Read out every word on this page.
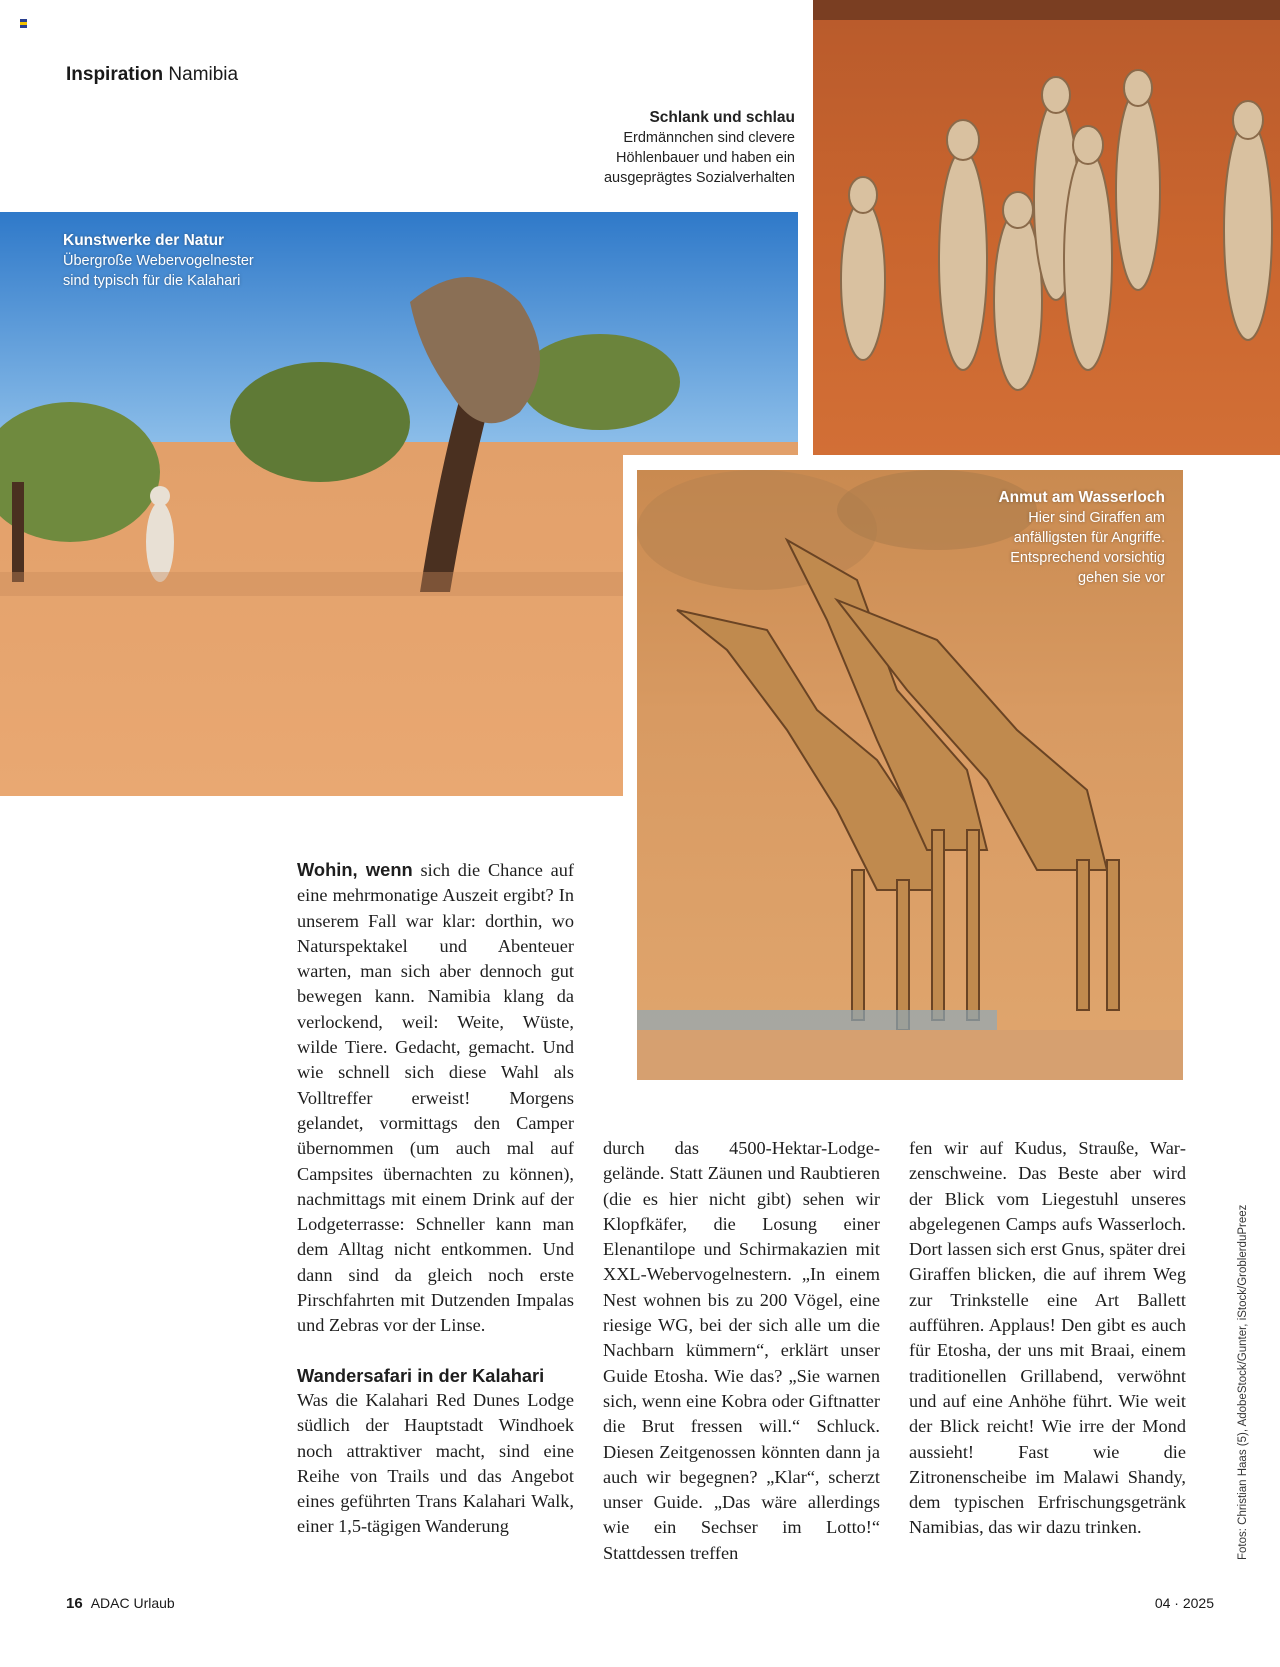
Inspiration Namibia
Schlank und schlau
Erdmännchen sind clevere
Höhlenbauer und haben ein
ausgeprägtes Sozialverhalten
Kunstwerke der Natur
Übergroße Webervogelnester
sind typisch für die Kalahari
Anmut am Wasserloch
Hier sind Giraffen am
anfälligsten für Angriffe.
Entsprechend vorsichtig
gehen sie vor

Wohin, wenn sich die Chance auf eine mehrmonatige Auszeit ergibt? In unserem Fall war klar: dorthin, wo Naturspektakel und Abenteuer warten, man sich aber dennoch gut bewegen kann. Namibia klang da verlockend, weil: Weite, Wüste, wilde Tiere. Gedacht, gemacht. Und wie schnell sich diese Wahl als Volltreffer erweist! Morgens gelandet, vormittags den Camper übernommen (um auch mal auf Campsites übernachten zu können), nachmittags mit einem Drink auf der Lodgeterrasse: Schneller kann man dem Alltag nicht entkommen. Und dann sind da gleich noch erste Pirschfahrten mit Dutzenden Impalas und Zebras vor der Linse.

Wandersafari in der Kalahari

Was die Kalahari Red Dunes Lodge südlich der Hauptstadt Windhoek noch attraktiver macht, sind eine Reihe von Trails und das Angebot eines geführten Trans Kalahari Walk, einer 1,5-tägigen Wanderung

durch das 4500-Hektar-Lodgegelände. Statt Zäunen und Raubtieren (die es hier nicht gibt) sehen wir Klopfkäfer, die Losung einer Elenantilope und Schirmakazien mit XXL-Webervogelnestern. „In einem Nest wohnen bis zu 200 Vögel, eine riesige WG, bei der sich alle um die Nachbarn kümmern“, erklärt unser Guide Etosha. Wie das? „Sie warnen sich, wenn eine Kobra oder Giftnatter die Brut fressen will.“ Schluck. Diesen Zeitgenossen könnten dann ja auch wir begegnen? „Klar“, scherzt unser Guide. „Das wäre allerdings wie ein Sechser im Lotto!“ Stattdessen treffen

fen wir auf Kudus, Strauße, Warzenschweine. Das Beste aber wird der Blick vom Liegestuhl unseres abgelegenen Camps aufs Wasserloch. Dort lassen sich erst Gnus, später drei Giraffen blicken, die auf ihrem Weg zur Trinkstelle eine Art Ballett aufführen. Applaus! Den gibt es auch für Etosha, der uns mit Braai, einem traditionellen Grillabend, verwöhnt und auf eine Anhöhe führt. Wie weit der Blick reicht! Wie irre der Mond aussieht! Fast wie die Zitronenscheibe im Malawi Shandy, dem typischen Erfrischungsgetränk Namibias, das wir dazu trinken.	Fotos: Christian Haas (5), AdobeStock/Gunter, iStock/GroblerduPreez
16 ADAC Urlaub	04 · 2025
